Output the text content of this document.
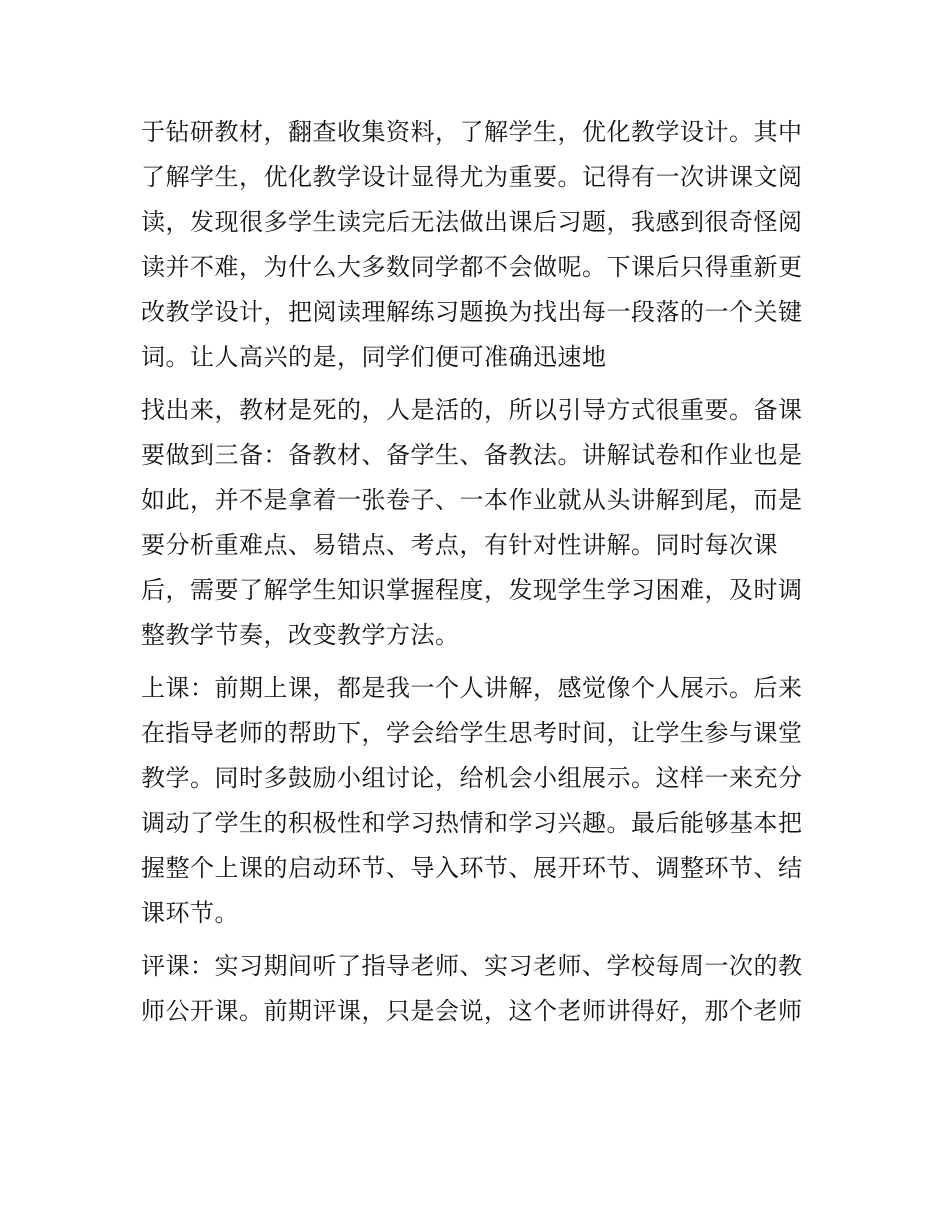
于钻研教材，翻查收集资料，了解学生，优化教学设计。其中
了解学生，优化教学设计显得尤为重要。记得有一次讲课文阅
读，发现很多学生读完后无法做出课后习题，我感到很奇怪阅
读并不难，为什么大多数同学都不会做呢。下课后只得重新更
改教学设计，把阅读理解练习题换为找出每一段落的一个关键
词。让人高兴的是，同学们便可准确迅速地
找出来，教材是死的，人是活的，所以引导方式很重要。备课
要做到三备：备教材、备学生、备教法。讲解试卷和作业也是
如此，并不是拿着一张卷子、一本作业就从头讲解到尾，而是
要分析重难点、易错点、考点，有针对性讲解。同时每次课
后，需要了解学生知识掌握程度，发现学生学习困难，及时调
整教学节奏，改变教学方法。
上课：前期上课，都是我一个人讲解，感觉像个人展示。后来
在指导老师的帮助下，学会给学生思考时间，让学生参与课堂
教学。同时多鼓励小组讨论，给机会小组展示。这样一来充分
调动了学生的积极性和学习热情和学习兴趣。最后能够基本把
握整个上课的启动环节、导入环节、展开环节、调整环节、结
课环节。
评课：实习期间听了指导老师、实习老师、学校每周一次的教
师公开课。前期评课，只是会说，这个老师讲得好，那个老师
